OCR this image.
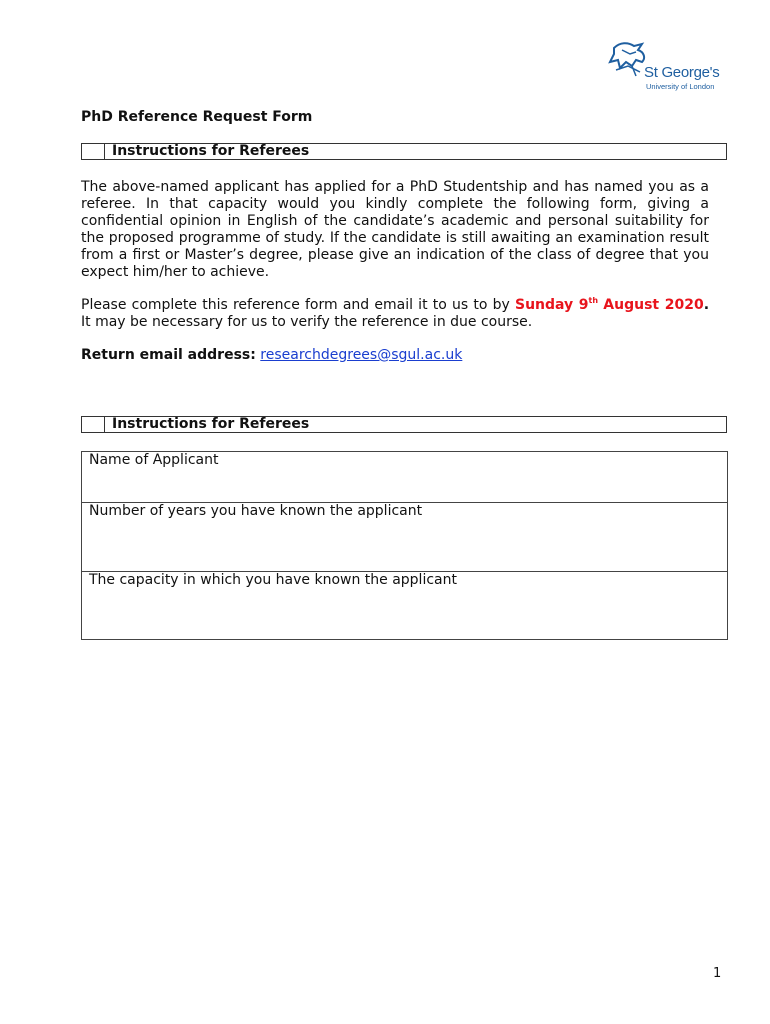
St George's
University of London
PhD Reference Request Form
Instructions for Referees

The above-named applicant has applied for a PhD Studentship and has named you as a referee. In that capacity would you kindly complete the following form, giving a confidential opinion in English of the candidate’s academic and personal suitability for the proposed programme of study. If the candidate is still awaiting an examination result from a first or Master’s degree, please give an indication of the class of degree that you expect him/her to achieve.

Please complete this reference form and email it to us to by Sunday 9th August 2020. It may be necessary for us to verify the reference in due course.

Return email address: researchdegrees@sgul.ac.uk
Instructions for Referees
Name of Applicant
Number of years you have known the applicant
The capacity in which you have known the applicant
1
